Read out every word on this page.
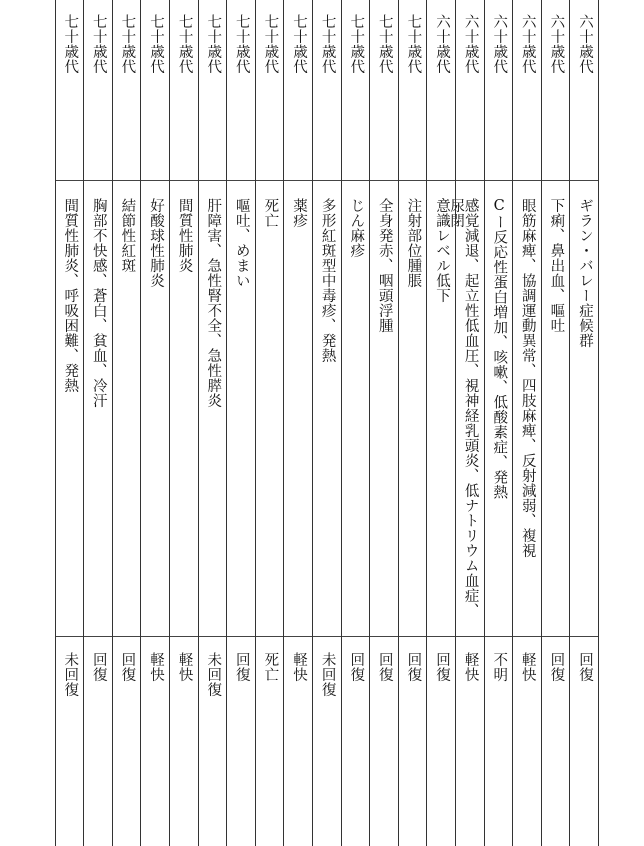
六十歳代
ギラン・バレー症候群
回復
六十歳代
下痢、鼻出血、嘔吐
回復
六十歳代
眼筋麻痺、協調運動異常、四肢麻痺、反射減弱、複視
軽快
六十歳代
Cー反応性蛋白増加、咳嗽、低酸素症、発熱
不明
六十歳代
感覚減退、起立性低血圧、視神経乳頭炎、低ナトリウム血症、尿閉
軽快
六十歳代
意識レベル低下
回復
七十歳代
注射部位腫脹
回復
七十歳代
全身発赤、咽頭浮腫
回復
七十歳代
じん麻疹
回復
七十歳代
多形紅斑型中毒疹、発熱
未回復
七十歳代
薬疹
軽快
七十歳代
死亡
死亡
七十歳代
嘔吐、めまい
回復
七十歳代
肝障害、急性腎不全、急性膵炎
未回復
七十歳代
間質性肺炎
軽快
七十歳代
好酸球性肺炎
軽快
七十歳代
結節性紅斑
回復
七十歳代
胸部不快感、蒼白、貧血、冷汗
回復
七十歳代
間質性肺炎、呼吸困難、発熱
未回復
